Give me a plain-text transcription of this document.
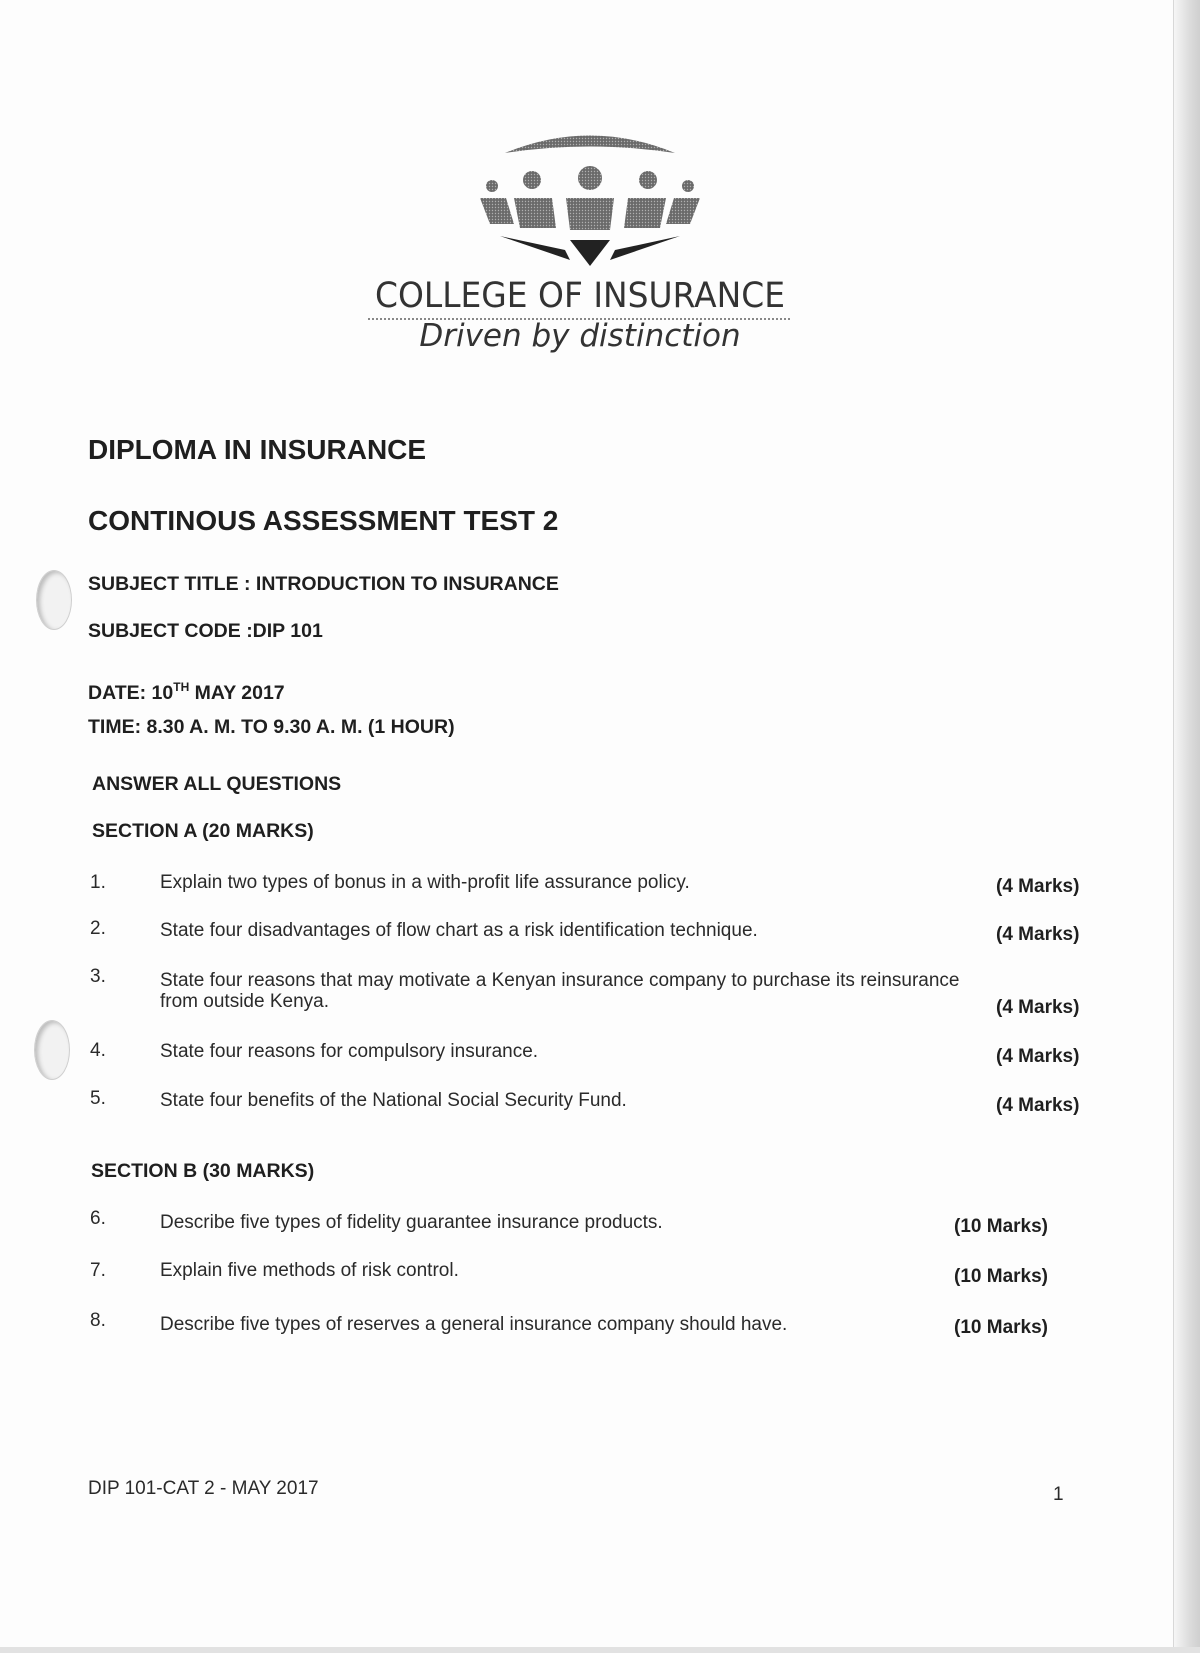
COLLEGE OF INSURANCE
Driven by distinction
DIPLOMA IN INSURANCE
CONTINOUS ASSESSMENT TEST 2
SUBJECT TITLE : INTRODUCTION TO INSURANCE
SUBJECT CODE :DIP 101
DATE: 10TH MAY 2017
TIME: 8.30 A. M. TO 9.30 A. M. (1 HOUR)
ANSWER ALL QUESTIONS
SECTION A (20 MARKS)
1.	Explain two types of bonus in a with-profit life assurance policy.	(4 Marks)
2.	State four disadvantages of flow chart as a risk identification technique.	(4 Marks)
3.	State four reasons that may motivate a Kenyan insurance company to purchase its reinsurance
from outside Kenya.	(4 Marks)
4.	State four reasons for compulsory insurance.	(4 Marks)
5.	State four benefits of the National Social Security Fund.	(4 Marks)
SECTION B (30 MARKS)
6.	Describe five types of fidelity guarantee insurance products.	(10 Marks)
7.	Explain five methods of risk control.	(10 Marks)
8.	Describe five types of reserves a general insurance company should have.	(10 Marks)
DIP 101-CAT 2 - MAY 2017	1
